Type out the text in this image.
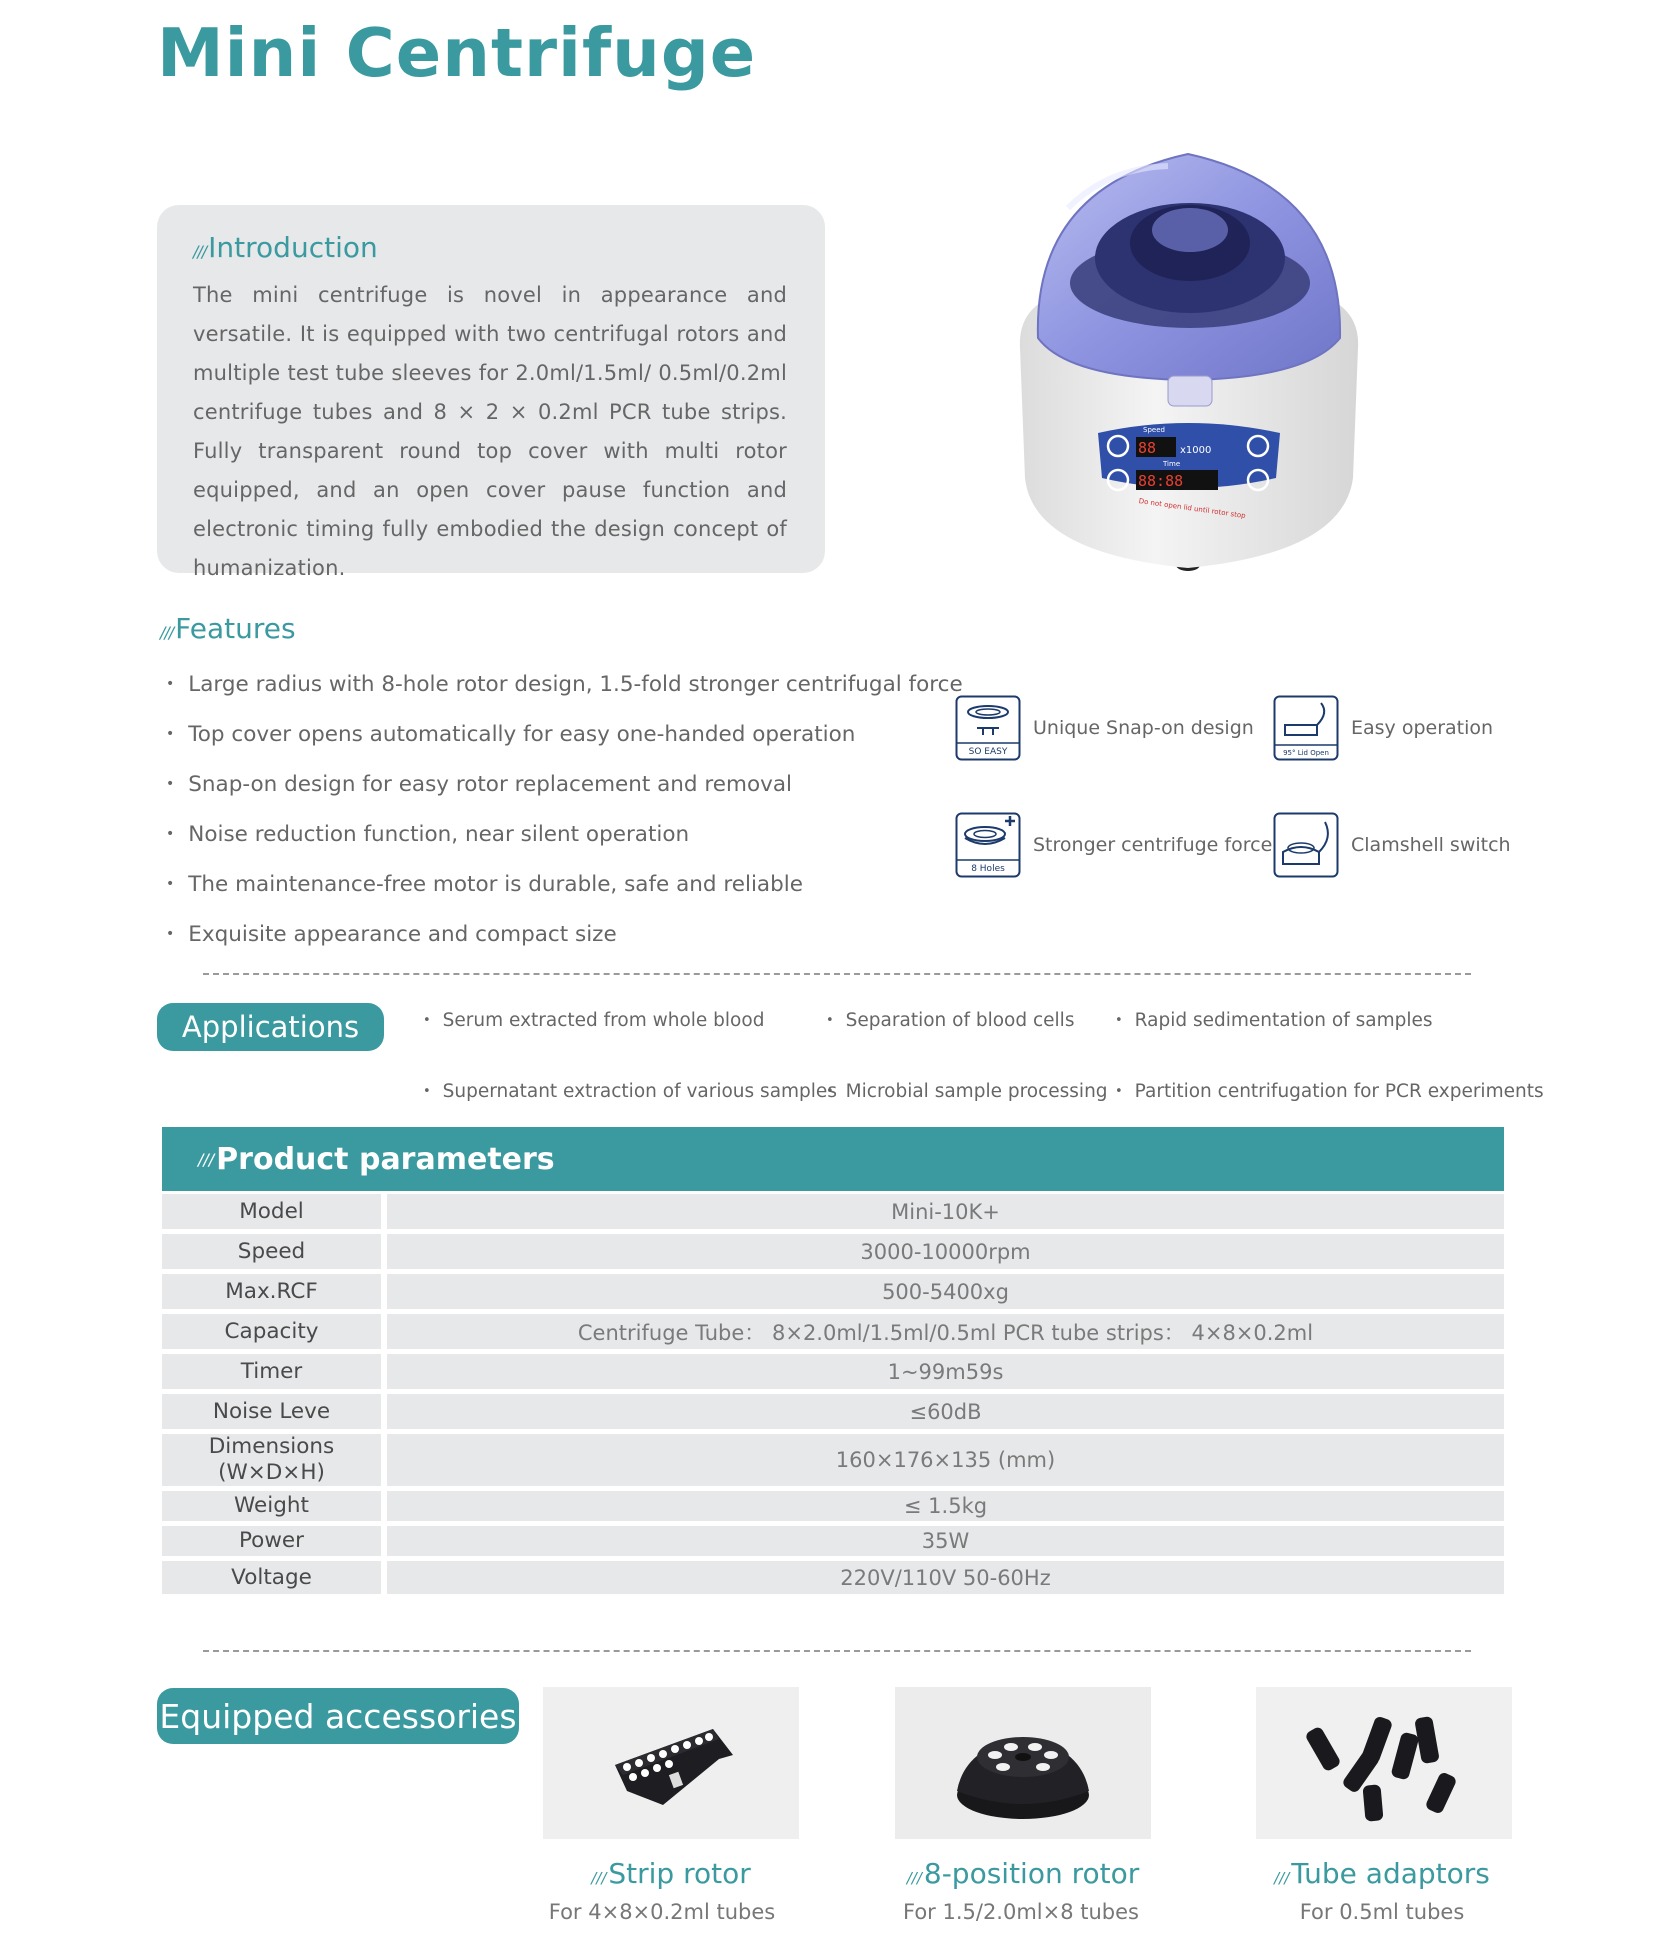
Mini Centrifuge
///Introduction

The mini centrifuge is novel in appearance and versatile. It is equipped with two centrifugal rotors and multiple test tube sleeves for 2.0ml/1.5ml/ 0.5ml/0.2ml centrifuge tubes and 8 × 2 × 0.2ml PCR tube strips. Fully transparent round top cover with multi rotor equipped, and an open cover pause function and electronic timing fully embodied the design concept of humanization.

Speed
88 x1000
Time
88:88
Do not open lid until rotor stop
///Features
• Large radius with 8-hole rotor design, 1.5-fold stronger centrifugal force
• Top cover opens automatically for easy one-handed operation
• Snap-on design for easy rotor replacement and removal
• Noise reduction function, near silent operation
• The maintenance-free motor is durable, safe and reliable
• Exquisite appearance and compact size
SO EASY
Unique Snap-on design
95° Lid Open
Easy operation
8 Holes
Stronger centrifuge force	Clamshell switch
Applications	• Serum extracted from whole blood	• Separation of blood cells	• Rapid sedimentation of samples
• Supernatant extraction of various samples • Microbial sample processing	• Partition centrifugation for PCR experiments
/// Product parameters
Model	Mini-10K+
Speed	3000-10000rpm
Max.RCF	500-5400xg
Capacity	Centrifuge Tube： 8×2.0ml/1.5ml/0.5ml PCR tube strips： 4×8×0.2ml
Timer	1~99m59s
Noise Leve	≤60dB
Dimensions (W×D×H)	160×176×135 (mm)
Weight	≤ 1.5kg
Power	35W
Voltage	220V/110V 50-60Hz
Equipped accessories
///Strip rotor
For 4×8×0.2ml tubes
///8-position rotor
For 1.5/2.0ml×8 tubes
///Tube adaptors
For 0.5ml tubes
